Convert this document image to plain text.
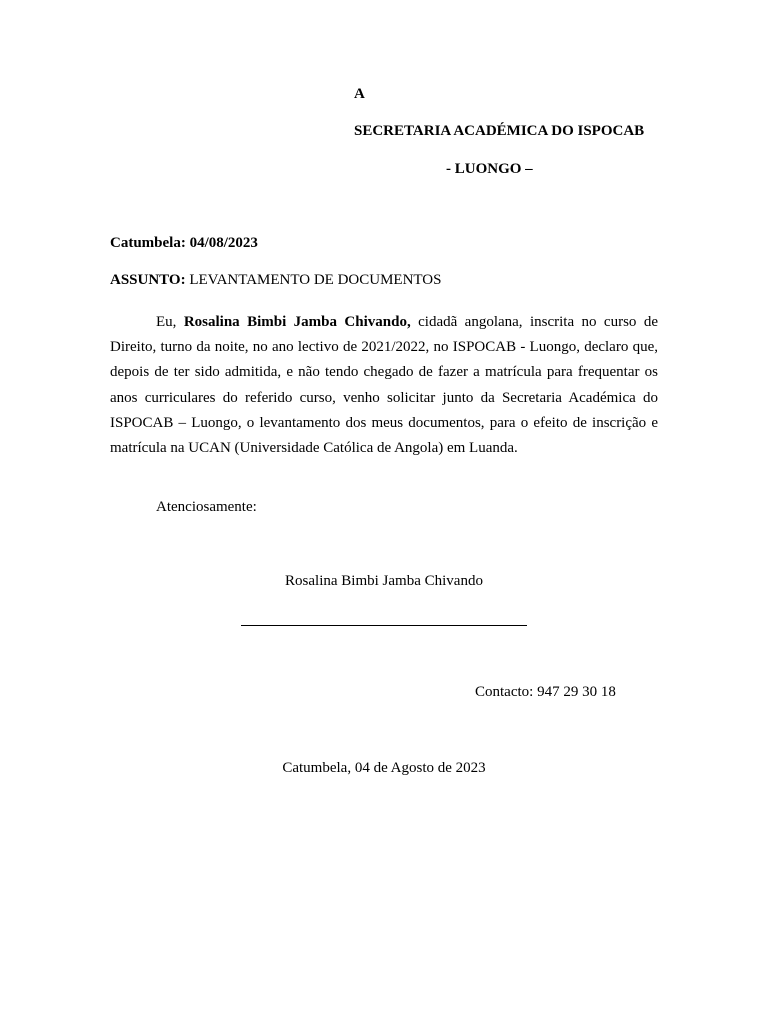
A
SECRETARIA ACADÉMICA DO ISPOCAB
- LUONGO –
Catumbela: 04/08/2023
ASSUNTO: LEVANTAMENTO DE DOCUMENTOS
Eu, Rosalina Bimbi Jamba Chivando, cidadã angolana, inscrita no curso de Direito, turno da noite, no ano lectivo de 2021/2022, no ISPOCAB - Luongo, declaro que, depois de ter sido admitida, e não tendo chegado de fazer a matrícula para frequentar os anos curriculares do referido curso, venho solicitar junto da Secretaria Académica do ISPOCAB – Luongo, o levantamento dos meus documentos, para o efeito de inscrição e matrícula na UCAN (Universidade Católica de Angola) em Luanda.
Atenciosamente:
Rosalina Bimbi Jamba Chivando
Contacto: 947 29 30 18
Catumbela, 04 de Agosto de 2023
